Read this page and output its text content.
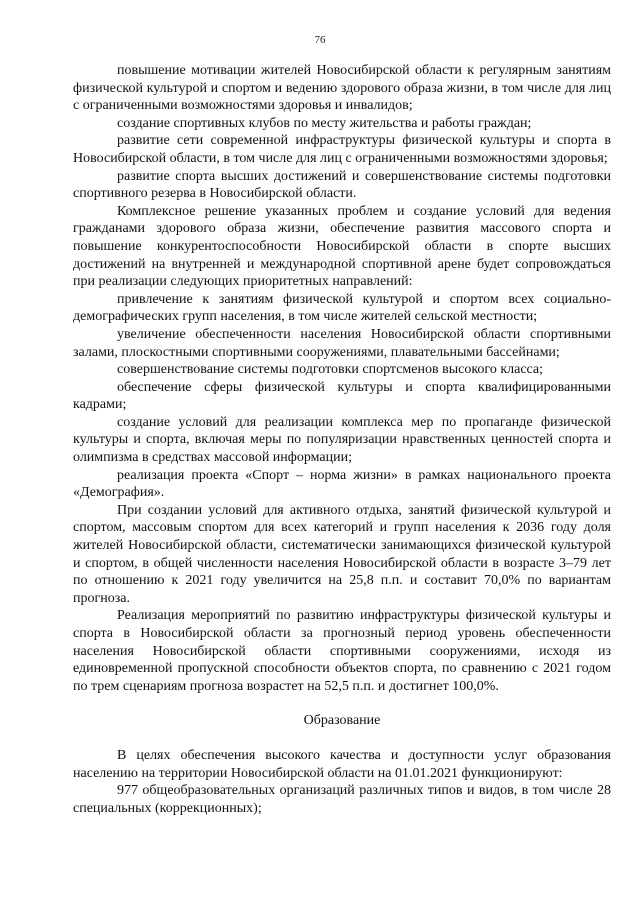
76

повышение мотивации жителей Новосибирской области к регулярным занятиям физической культурой и спортом и ведению здорового образа жизни, в том числе для лиц с ограниченными возможностями здоровья и инвалидов;

создание спортивных клубов по месту жительства и работы граждан;

развитие сети современной инфраструктуры физической культуры и спорта в Новосибирской области, в том числе для лиц с ограниченными возможностями здоровья;

развитие спорта высших достижений и совершенствование системы подготовки спортивного резерва в Новосибирской области.

Комплексное решение указанных проблем и создание условий для ведения гражданами здорового образа жизни, обеспечение развития массового спорта и повышение конкурентоспособности Новосибирской области в спорте высших достижений на внутренней и международной спортивной арене будет сопровождаться при реализации следующих приоритетных направлений:

привлечение к занятиям физической культурой и спортом всех социально-демографических групп населения, в том числе жителей сельской местности;

увеличение обеспеченности населения Новосибирской области спортивными залами, плоскостными спортивными сооружениями, плавательными бассейнами;

совершенствование системы подготовки спортсменов высокого класса;

обеспечение сферы физической культуры и спорта квалифицированными кадрами;

создание условий для реализации комплекса мер по пропаганде физической культуры и спорта, включая меры по популяризации нравственных ценностей спорта и олимпизма в средствах массовой информации;

реализация проекта «Спорт – норма жизни» в рамках национального проекта «Демография».

При создании условий для активного отдыха, занятий физической культурой и спортом, массовым спортом для всех категорий и групп населения к 2036 году доля жителей Новосибирской области, систематически занимающихся физической культурой и спортом, в общей численности населения Новосибирской области в возрасте 3–79 лет по отношению к 2021 году увеличится на 25,8 п.п. и составит 70,0% по вариантам прогноза.

Реализация мероприятий по развитию инфраструктуры физической культуры и спорта в Новосибирской области за прогнозный период уровень обеспеченности населения Новосибирской области спортивными сооружениями, исходя из единовременной пропускной способности объектов спорта, по сравнению с 2021 годом по трем сценариям прогноза возрастет на 52,5 п.п. и достигнет 100,0%.

Образование

В целях обеспечения высокого качества и доступности услуг образования населению на территории Новосибирской области на 01.01.2021 функционируют:

977 общеобразовательных организаций различных типов и видов, в том числе 28 специальных (коррекционных);
